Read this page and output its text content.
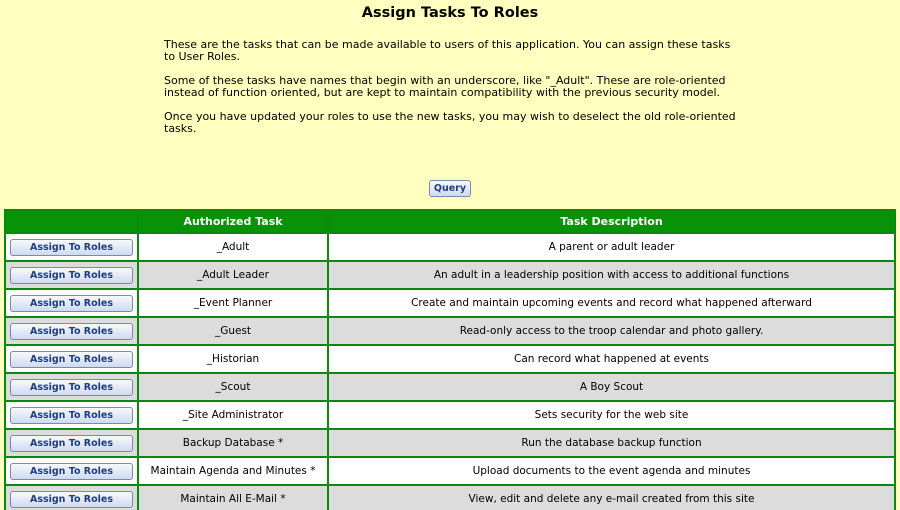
Assign Tasks To Roles

These are the tasks that can be made available to users of this application. You can assign these tasks to User Roles.

Some of these tasks have names that begin with an underscore, like "_Adult". These are role-oriented instead of function oriented, but are kept to maintain compatibility with the previous security model.

Once you have updated your roles to use the new tasks, you may wish to deselect the old role-oriented tasks.

Query
	Authorized Task	Task Description

Assign To Roles	_Adult	A parent or adult leader

Assign To Roles	_Adult Leader	An adult in a leadership position with access to additional functions

Assign To Roles	_Event Planner	Create and maintain upcoming events and record what happened afterward

Assign To Roles	_Guest	Read-only access to the troop calendar and photo gallery.

Assign To Roles	_Historian	Can record what happened at events

Assign To Roles	_Scout	A Boy Scout

Assign To Roles	_Site Administrator	Sets security for the web site

Assign To Roles	Backup Database *	Run the database backup function

Assign To Roles	Maintain Agenda and Minutes *	Upload documents to the event agenda and minutes

Assign To Roles	Maintain All E-Mail *	View, edit and delete any e-mail created from this site
